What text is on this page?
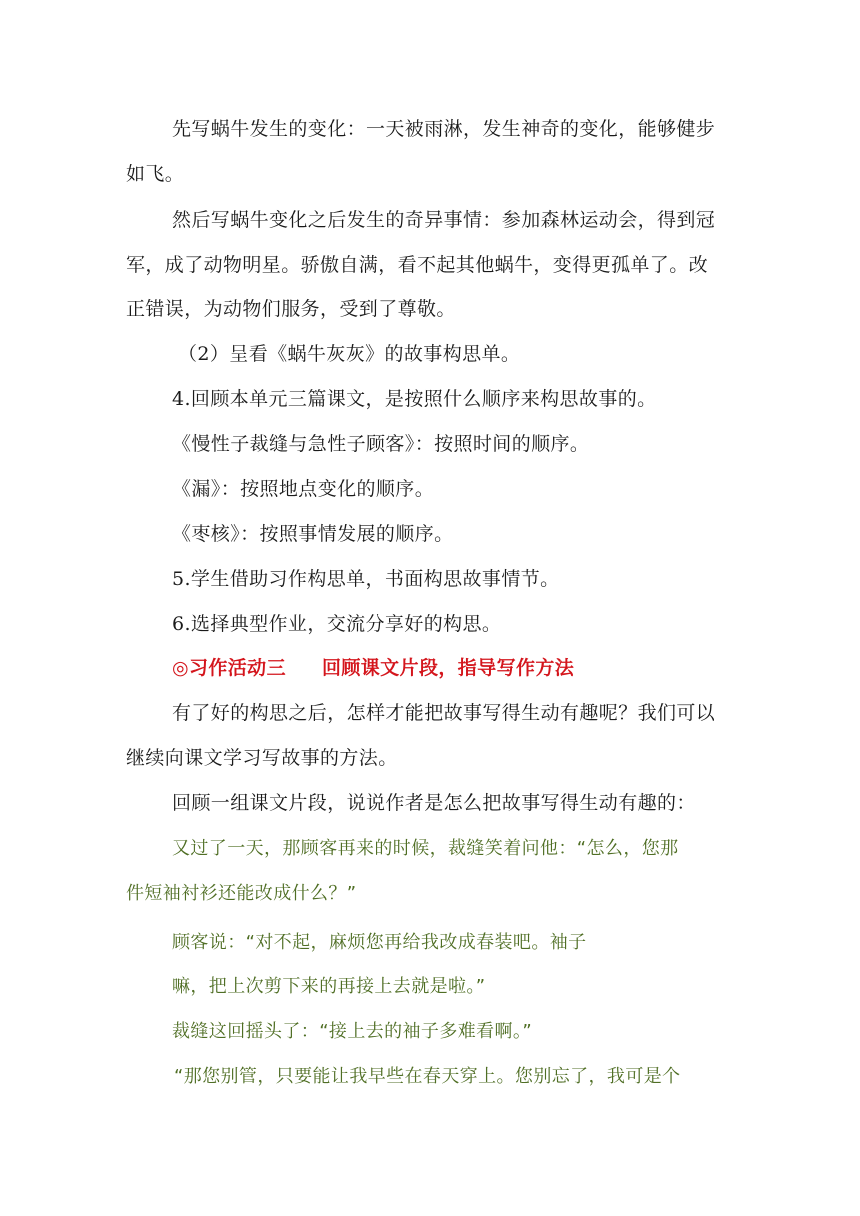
先写蜗牛发生的变化：一天被雨淋，发生神奇的变化，能够健步
如飞。
然后写蜗牛变化之后发生的奇异事情：参加森林运动会，得到冠
军，成了动物明星。骄傲自满，看不起其他蜗牛，变得更孤单了。改
正错误，为动物们服务，受到了尊敬。
（2）呈看《蜗牛灰灰》的故事构思单。
4.回顾本单元三篇课文，是按照什么顺序来构思故事的。
《慢性子裁缝与急性子顾客》：按照时间的顺序。
《漏》：按照地点变化的顺序。
《枣核》：按照事情发展的顺序。
5.学生借助习作构思单，书面构思故事情节。
6.选择典型作业，交流分享好的构思。
◎习作活动三 回顾课文片段，指导写作方法
有了好的构思之后，怎样才能把故事写得生动有趣呢？我们可以
继续向课文学习写故事的方法。
回顾一组课文片段，说说作者是怎么把故事写得生动有趣的：
又过了一天，那顾客再来的时候，裁缝笑着问他：“怎么，您那
件短袖衬衫还能改成什么？”
顾客说：“对不起，麻烦您再给我改成春装吧。袖子
嘛，把上次剪下来的再接上去就是啦。”
裁缝这回摇头了：“接上去的袖子多难看啊。”
“那您别管，只要能让我早些在春天穿上。您别忘了，我可是个
